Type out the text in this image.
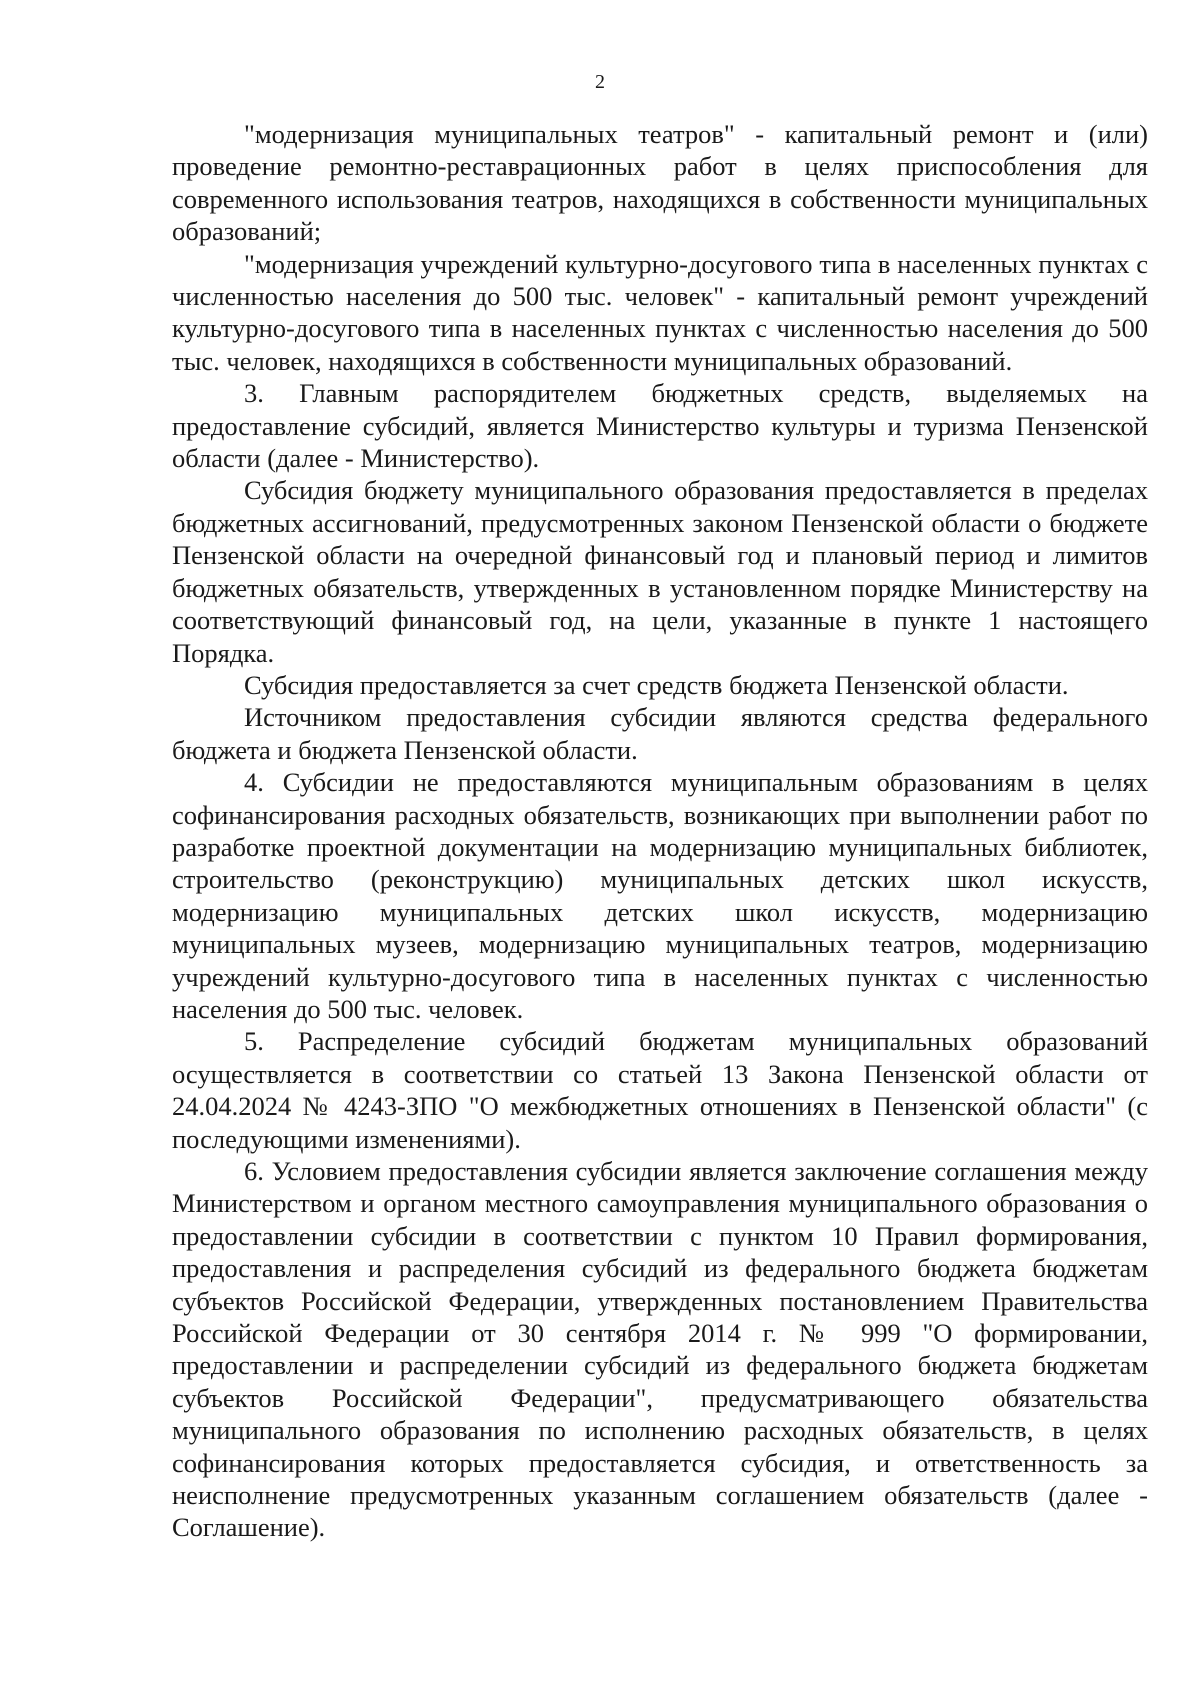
2

"модернизация муниципальных театров" - капитальный ремонт и (или) проведение ремонтно-реставрационных работ в целях приспособления для современного использования театров, находящихся в собственности муниципальных образований;

"модернизация учреждений культурно-досугового типа в населенных пунктах с численностью населения до 500 тыс. человек" - капитальный ремонт учреждений культурно-досугового типа в населенных пунктах с численностью населения до 500 тыс. человек, находящихся в собственности муниципальных образований.

3. Главным распорядителем бюджетных средств, выделяемых на предоставление субсидий, является Министерство культуры и туризма Пензенской области (далее - Министерство).

Субсидия бюджету муниципального образования предоставляется в пределах бюджетных ассигнований, предусмотренных законом Пензенской области о бюджете Пензенской области на очередной финансовый год и плановый период и лимитов бюджетных обязательств, утвержденных в установленном порядке Министерству на соответствующий финансовый год, на цели, указанные в пункте 1 настоящего Порядка.

Субсидия предоставляется за счет средств бюджета Пензенской области.

Источником предоставления субсидии являются средства федерального бюджета и бюджета Пензенской области.

4. Субсидии не предоставляются муниципальным образованиям в целях софинансирования расходных обязательств, возникающих при выполнении работ по разработке проектной документации на модернизацию муниципальных библиотек, строительство (реконструкцию) муниципальных детских школ искусств, модернизацию муниципальных детских школ искусств, модернизацию муниципальных музеев, модернизацию муниципальных театров, модернизацию учреждений культурно-досугового типа в населенных пунктах с численностью населения до 500 тыс. человек.

5. Распределение субсидий бюджетам муниципальных образований осуществляется в соответствии со статьей 13 Закона Пензенской области от 24.04.2024 № 4243-ЗПО "О межбюджетных отношениях в Пензенской области" (с последующими изменениями).

6. Условием предоставления субсидии является заключение соглашения между Министерством и органом местного самоуправления муниципального образования о предоставлении субсидии в соответствии с пунктом 10 Правил формирования, предоставления и распределения субсидий из федерального бюджета бюджетам субъектов Российской Федерации, утвержденных постановлением Правительства Российской Федерации от 30 сентября 2014 г. № 999 "О формировании, предоставлении и распределении субсидий из федерального бюджета бюджетам субъектов Российской Федерации", предусматривающего обязательства муниципального образования по исполнению расходных обязательств, в целях софинансирования которых предоставляется субсидия, и ответственность за неисполнение предусмотренных указанным соглашением обязательств (далее - Соглашение).
